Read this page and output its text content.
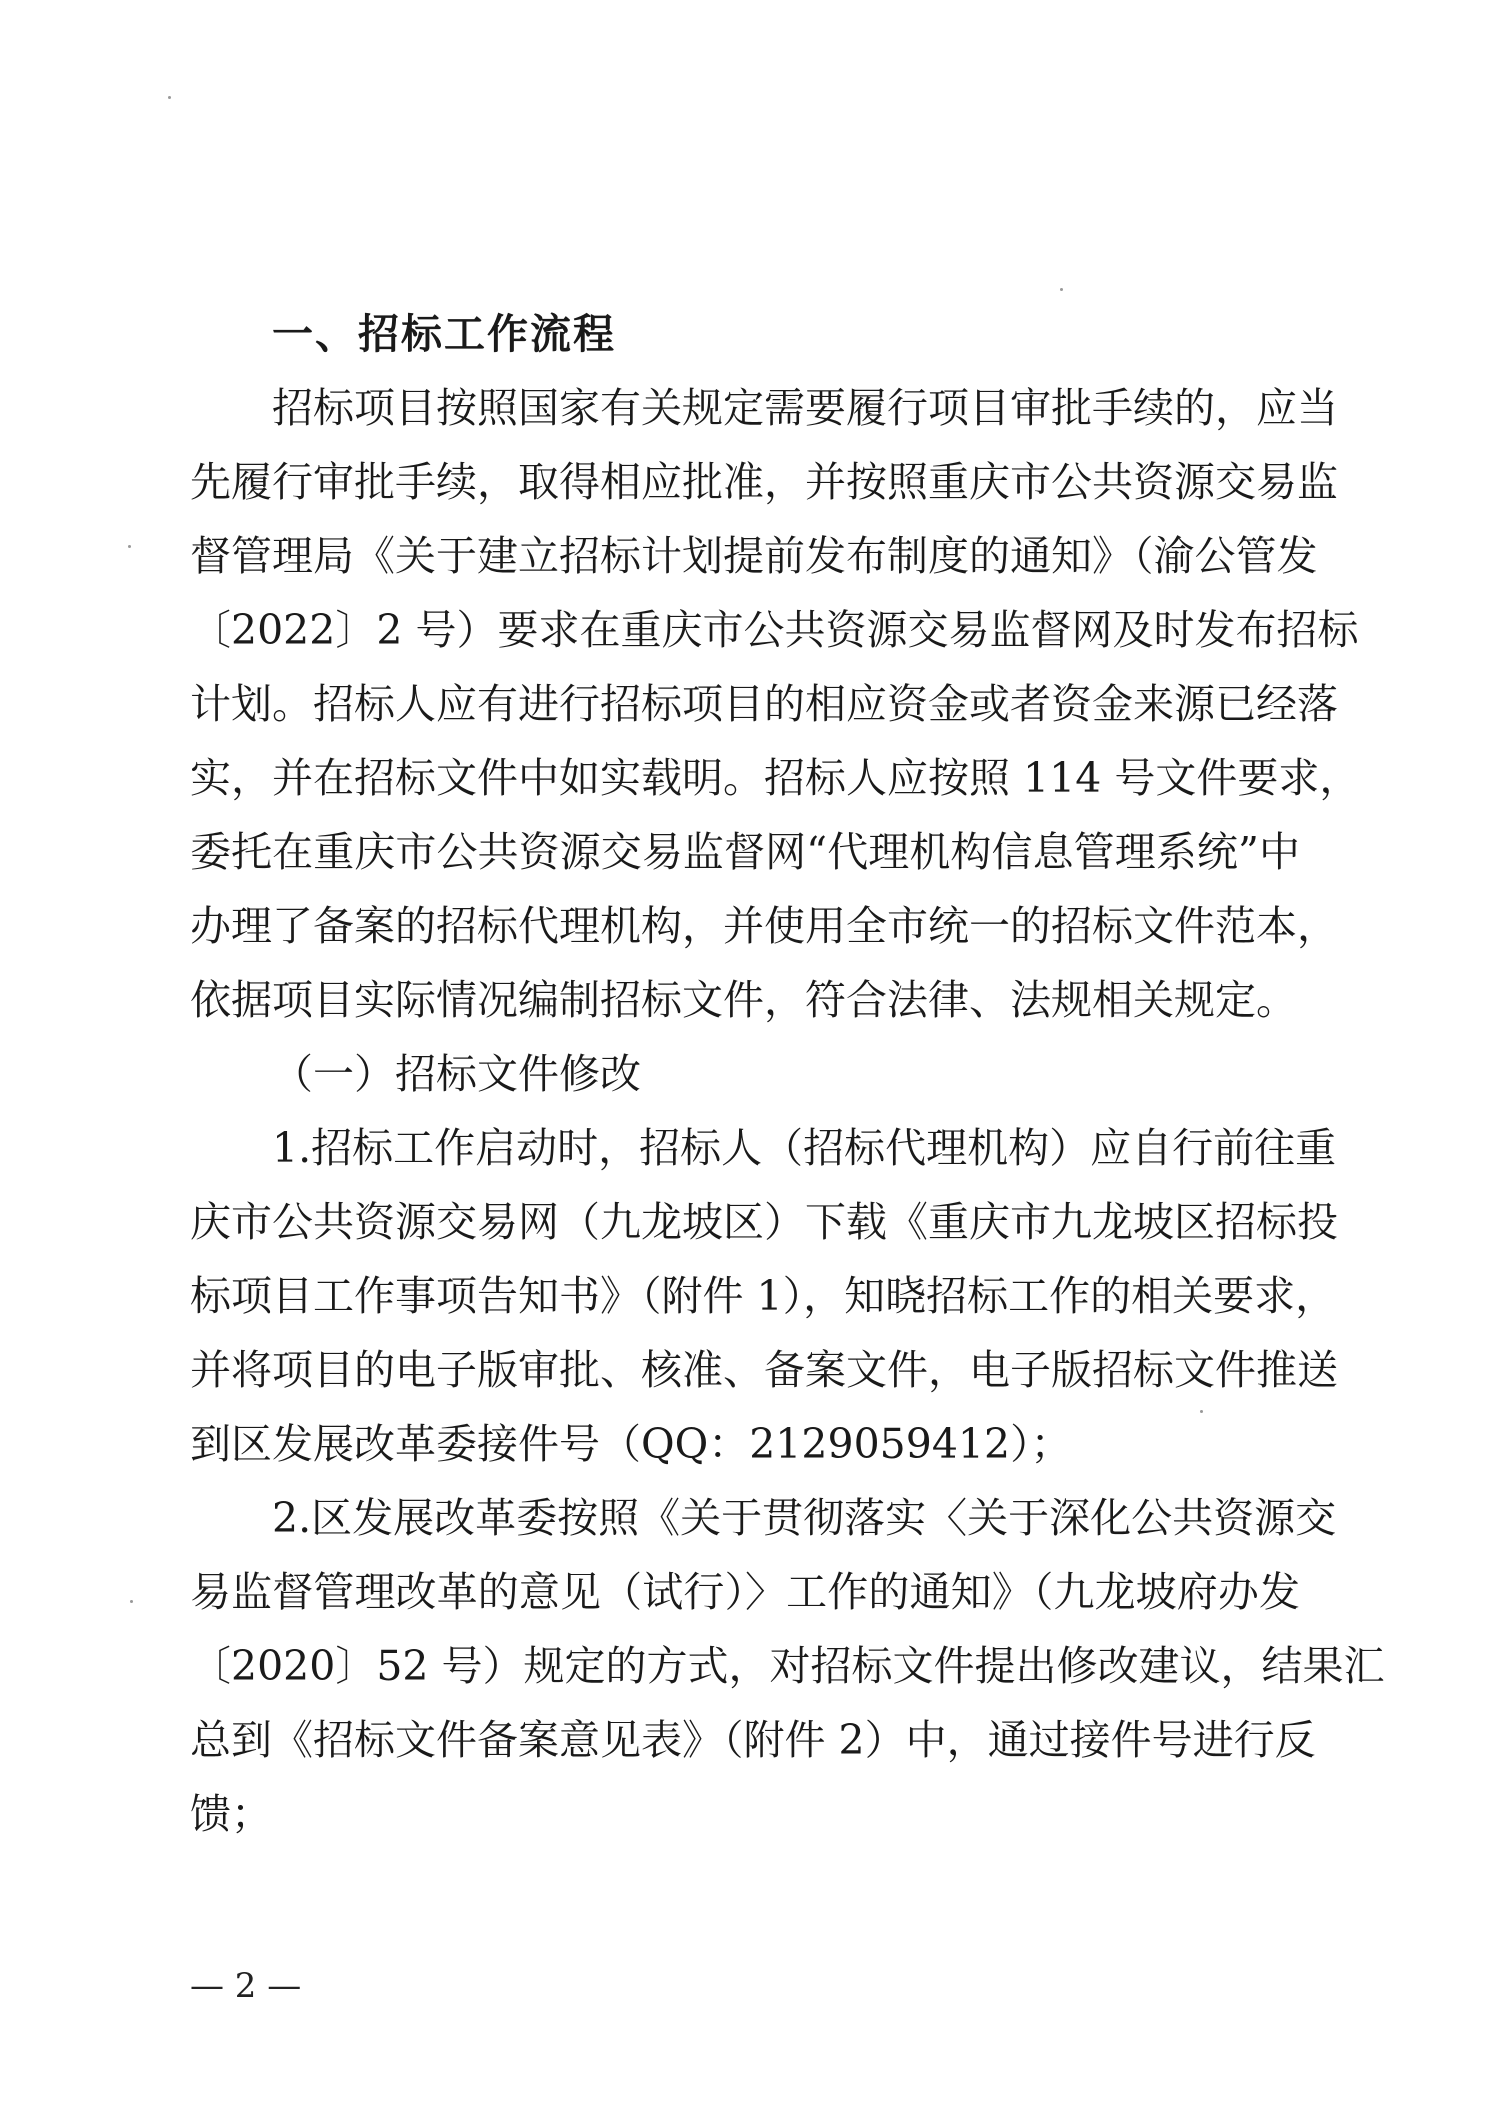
一、招标工作流程
招标项目按照国家有关规定需要履行项目审批手续的，应当
先履行审批手续，取得相应批准，并按照重庆市公共资源交易监
督管理局《关于建立招标计划提前发布制度的通知》（渝公管发
〔2022〕2 号）要求在重庆市公共资源交易监督网及时发布招标
计划。招标人应有进行招标项目的相应资金或者资金来源已经落
实，并在招标文件中如实载明。招标人应按照 114 号文件要求，
委托在重庆市公共资源交易监督网“代理机构信息管理系统”中
办理了备案的招标代理机构，并使用全市统一的招标文件范本，
依据项目实际情况编制招标文件，符合法律、法规相关规定。
（一）招标文件修改
1.招标工作启动时，招标人（招标代理机构）应自行前往重
庆市公共资源交易网（九龙坡区）下载《重庆市九龙坡区招标投
标项目工作事项告知书》（附件 1），知晓招标工作的相关要求，
并将项目的电子版审批、核准、备案文件，电子版招标文件推送
到区发展改革委接件号（QQ：2129059412）；
2.区发展改革委按照《关于贯彻落实〈关于深化公共资源交
易监督管理改革的意见（试行）〉工作的通知》（九龙坡府办发
〔2020〕52 号）规定的方式，对招标文件提出修改建议，结果汇
总到《招标文件备案意见表》（附件 2）中，通过接件号进行反
馈；
— 2 —
